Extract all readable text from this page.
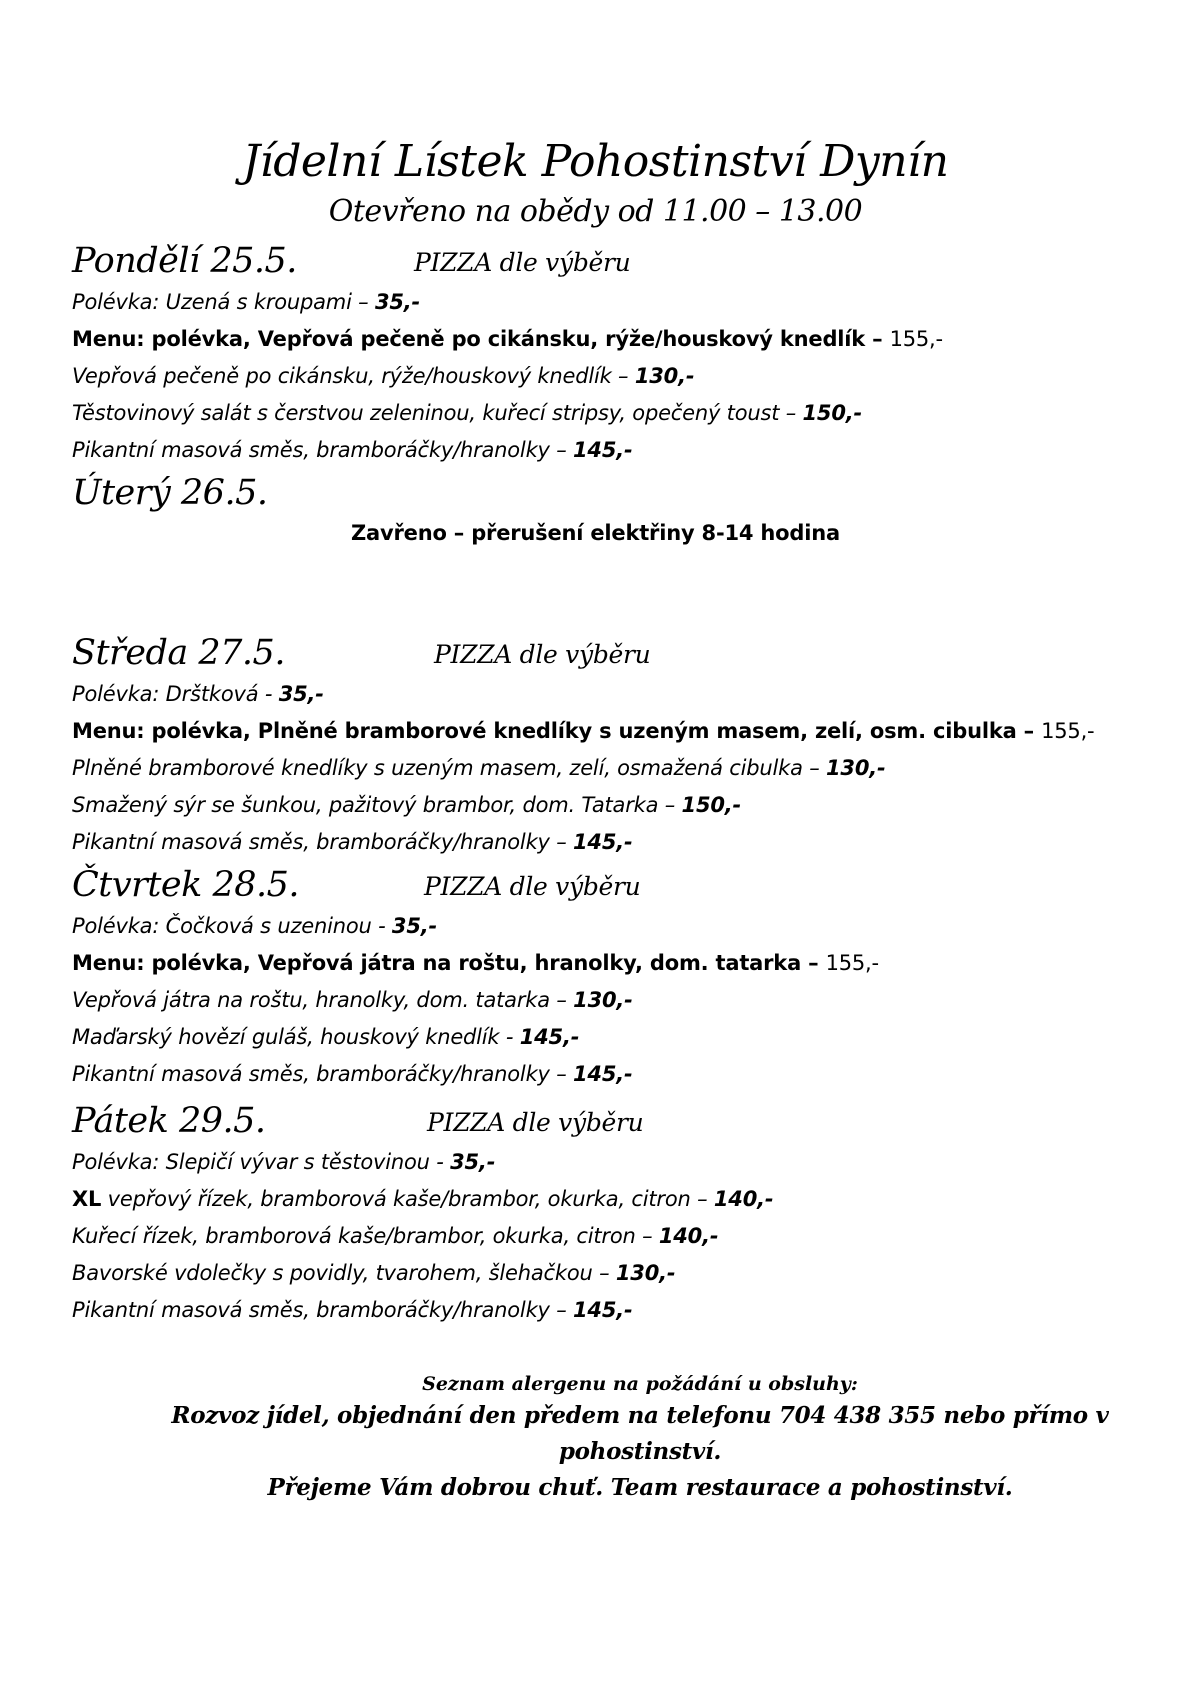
Jídelní Lístek Pohostinství Dynín
Otevřeno na obědy od 11.00 – 13.00
Pondělí 25.5.	PIZZA dle výběru
Polévka: Uzená s kroupami – 35,-
Menu: polévka, Vepřová pečeně po cikánsku, rýže/houskový knedlík – 155,-
Vepřová pečeně po cikánsku, rýže/houskový knedlík – 130,-
Těstovinový salát s čerstvou zeleninou, kuřecí stripsy, opečený toust – 150,-
Pikantní masová směs, bramboráčky/hranolky – 145,-
Úterý 26.5.
Zavřeno – přerušení elektřiny 8-14 hodina
Středa 27.5.	PIZZA dle výběru
Polévka: Drštková - 35,-
Menu: polévka, Plněné bramborové knedlíky s uzeným masem, zelí, osm. cibulka – 155,-
Plněné bramborové knedlíky s uzeným masem, zelí, osmažená cibulka – 130,-
Smažený sýr se šunkou, pažitový brambor, dom. Tatarka – 150,-
Pikantní masová směs, bramboráčky/hranolky – 145,-
Čtvrtek 28.5.	PIZZA dle výběru
Polévka: Čočková s uzeninou - 35,-
Menu: polévka, Vepřová játra na roštu, hranolky, dom. tatarka – 155,-
Vepřová játra na roštu, hranolky, dom. tatarka – 130,-
Maďarský hovězí guláš, houskový knedlík - 145,-
Pikantní masová směs, bramboráčky/hranolky – 145,-
Pátek 29.5.	PIZZA dle výběru
Polévka: Slepičí vývar s těstovinou - 35,-
XL vepřový řízek, bramborová kaše/brambor, okurka, citron – 140,-
Kuřecí řízek, bramborová kaše/brambor, okurka, citron – 140,-
Bavorské vdolečky s povidly, tvarohem, šlehačkou – 130,-
Pikantní masová směs, bramboráčky/hranolky – 145,-
Seznam alergenu na požádání u obsluhy:
Rozvoz jídel, objednání den předem na telefonu 704 438 355 nebo přímo v pohostinství.
Přejeme Vám dobrou chuť. Team restaurace a pohostinství.
